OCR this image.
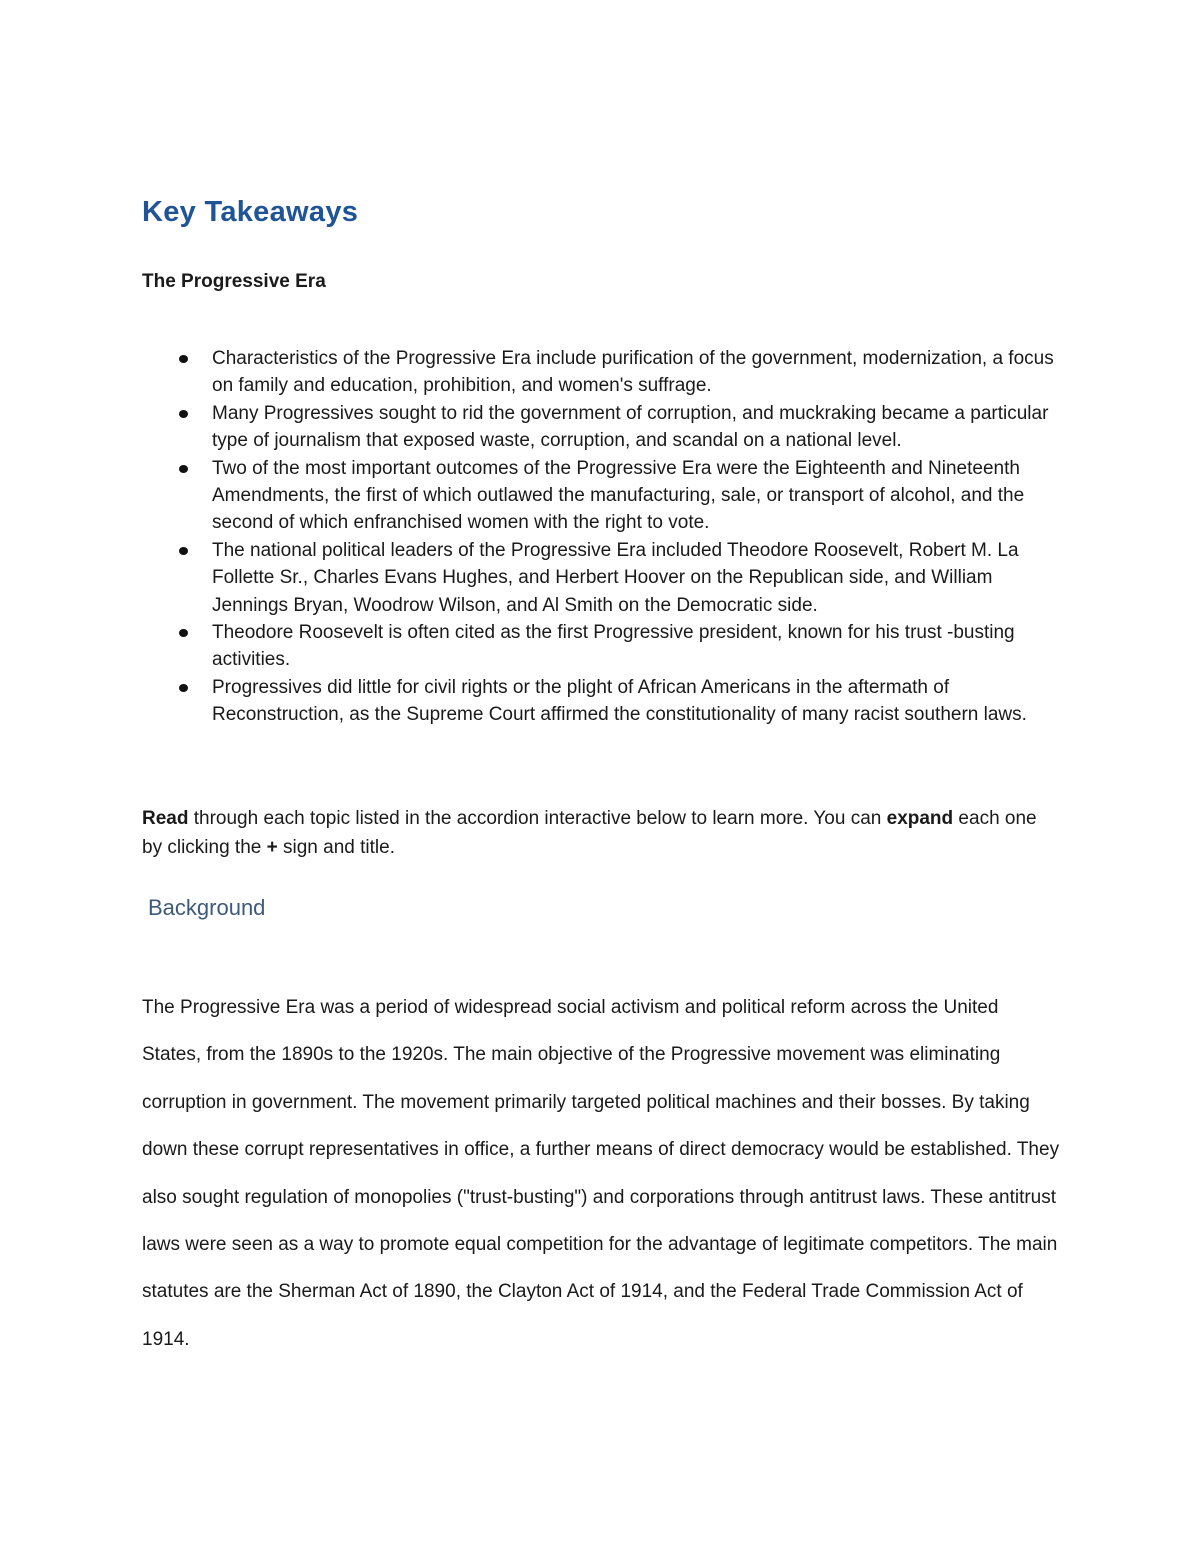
Key Takeaways
The Progressive Era
Characteristics of the Progressive Era include purification of the government, modernization, a focus on family and education, prohibition, and women's suffrage.
Many Progressives sought to rid the government of corruption, and muckraking became a particular type of journalism that exposed waste, corruption, and scandal on a national level.
Two of the most important outcomes of the Progressive Era were the Eighteenth and Nineteenth Amendments, the first of which outlawed the manufacturing, sale, or transport of alcohol, and the second of which enfranchised women with the right to vote.
The national political leaders of the Progressive Era included Theodore Roosevelt, Robert M. La Follette Sr., Charles Evans Hughes, and Herbert Hoover on the Republican side, and William Jennings Bryan, Woodrow Wilson, and Al Smith on the Democratic side.
Theodore Roosevelt is often cited as the first Progressive president, known for his trust -busting activities.
Progressives did little for civil rights or the plight of African Americans in the aftermath of Reconstruction, as the Supreme Court affirmed the constitutionality of many racist southern laws.

Read through each topic listed in the accordion interactive below to learn more. You can expand each one by clicking the + sign and title.

Background

The Progressive Era was a period of widespread social activism and political reform across the United States, from the 1890s to the 1920s. The main objective of the Progressive movement was eliminating corruption in government. The movement primarily targeted political machines and their bosses. By taking down these corrupt representatives in office, a further means of direct democracy would be established. They also sought regulation of monopolies ("trust-busting") and corporations through antitrust laws. These antitrust laws were seen as a way to promote equal competition for the advantage of legitimate competitors. The main statutes are the Sherman Act of 1890, the Clayton Act of 1914, and the Federal Trade Commission Act of 1914.
